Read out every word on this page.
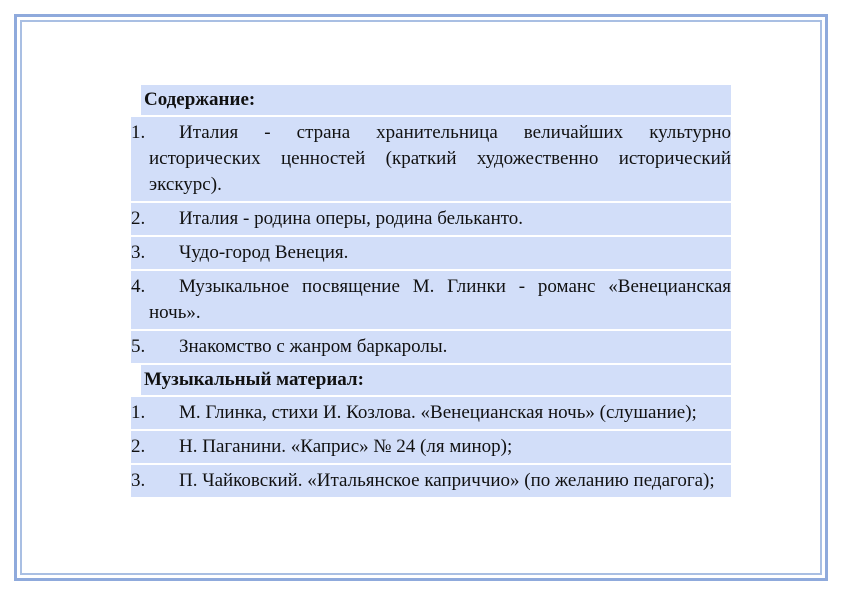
Содержание:
1. Италия - страна хранительница величайших культурно исторических ценностей (краткий художественно исторический экскурс).
2. Италия - родина оперы, родина бельканто.
3. Чудо-город Венеция.
4. Музыкальное посвящение М. Глинки - романс «Венецианская ночь».
5. Знакомство с жанром баркаролы.
Музыкальный материал:
1. М. Глинка, стихи И. Козлова. «Венецианская ночь» (слушание);
2. Н. Паганини. «Каприс» № 24 (ля минор);
3. П. Чайковский. «Итальянское каприччио» (по желанию педагога);
